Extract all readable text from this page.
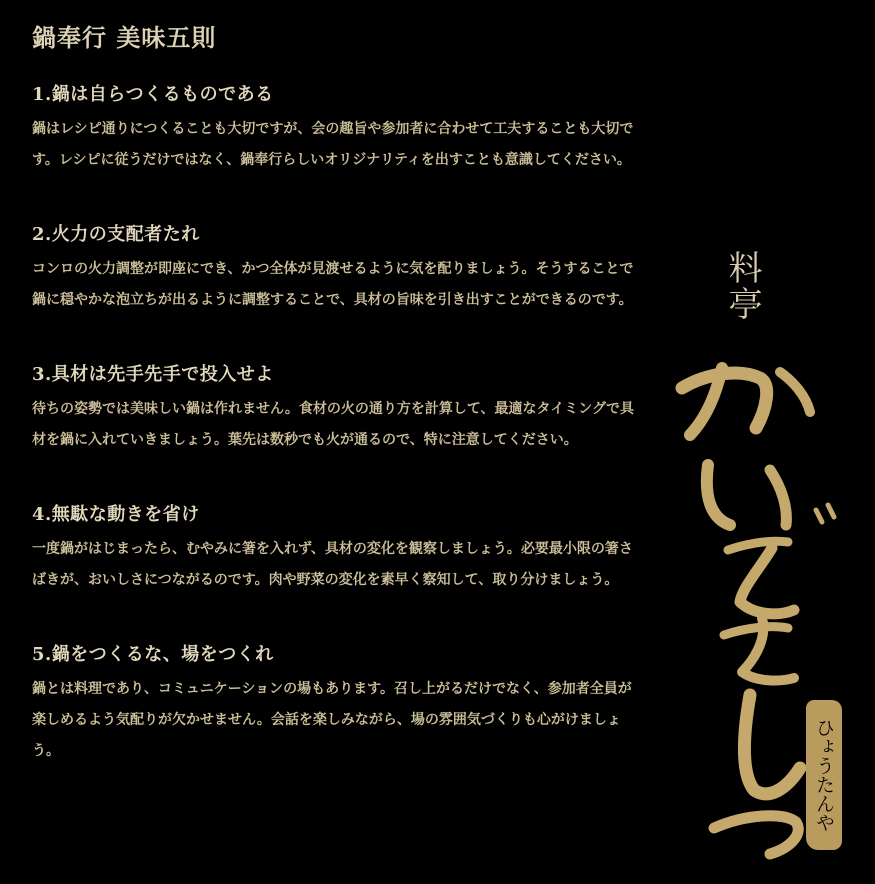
鍋奉行 美味五則
1.鍋は自らつくるものである

鍋はレシピ通りにつくることも大切ですが、会の趣旨や参加者に合わせて工夫することも大切です。レシピに従うだけではなく、鍋奉行らしいオリジナリティを出すことも意識してください。

2.火力の支配者たれ

コンロの火力調整が即座にでき、かつ全体が見渡せるように気を配りましょう。そうすることで鍋に穏やかな泡立ちが出るように調整することで、具材の旨味を引き出すことができるのです。

3.具材は先手先手で投入せよ

待ちの姿勢では美味しい鍋は作れません。食材の火の通り方を計算して、最適なタイミングで具材を鍋に入れていきましょう。葉先は数秒でも火が通るので、特に注意してください。

4.無駄な動きを省け

一度鍋がはじまったら、むやみに箸を入れず、具材の変化を観察しましょう。必要最小限の箸さばきが、おいしさにつながるのです。肉や野菜の変化を素早く察知して、取り分けましょう。

5.鍋をつくるな、場をつくれ

鍋とは料理であり、コミュニケーションの場もあります。召し上がるだけでなく、参加者全員が楽しめるよう気配りが欠かせません。会話を楽しみながら、場の雰囲気づくりも心がけましょう。

料亭
ひょうたんや
